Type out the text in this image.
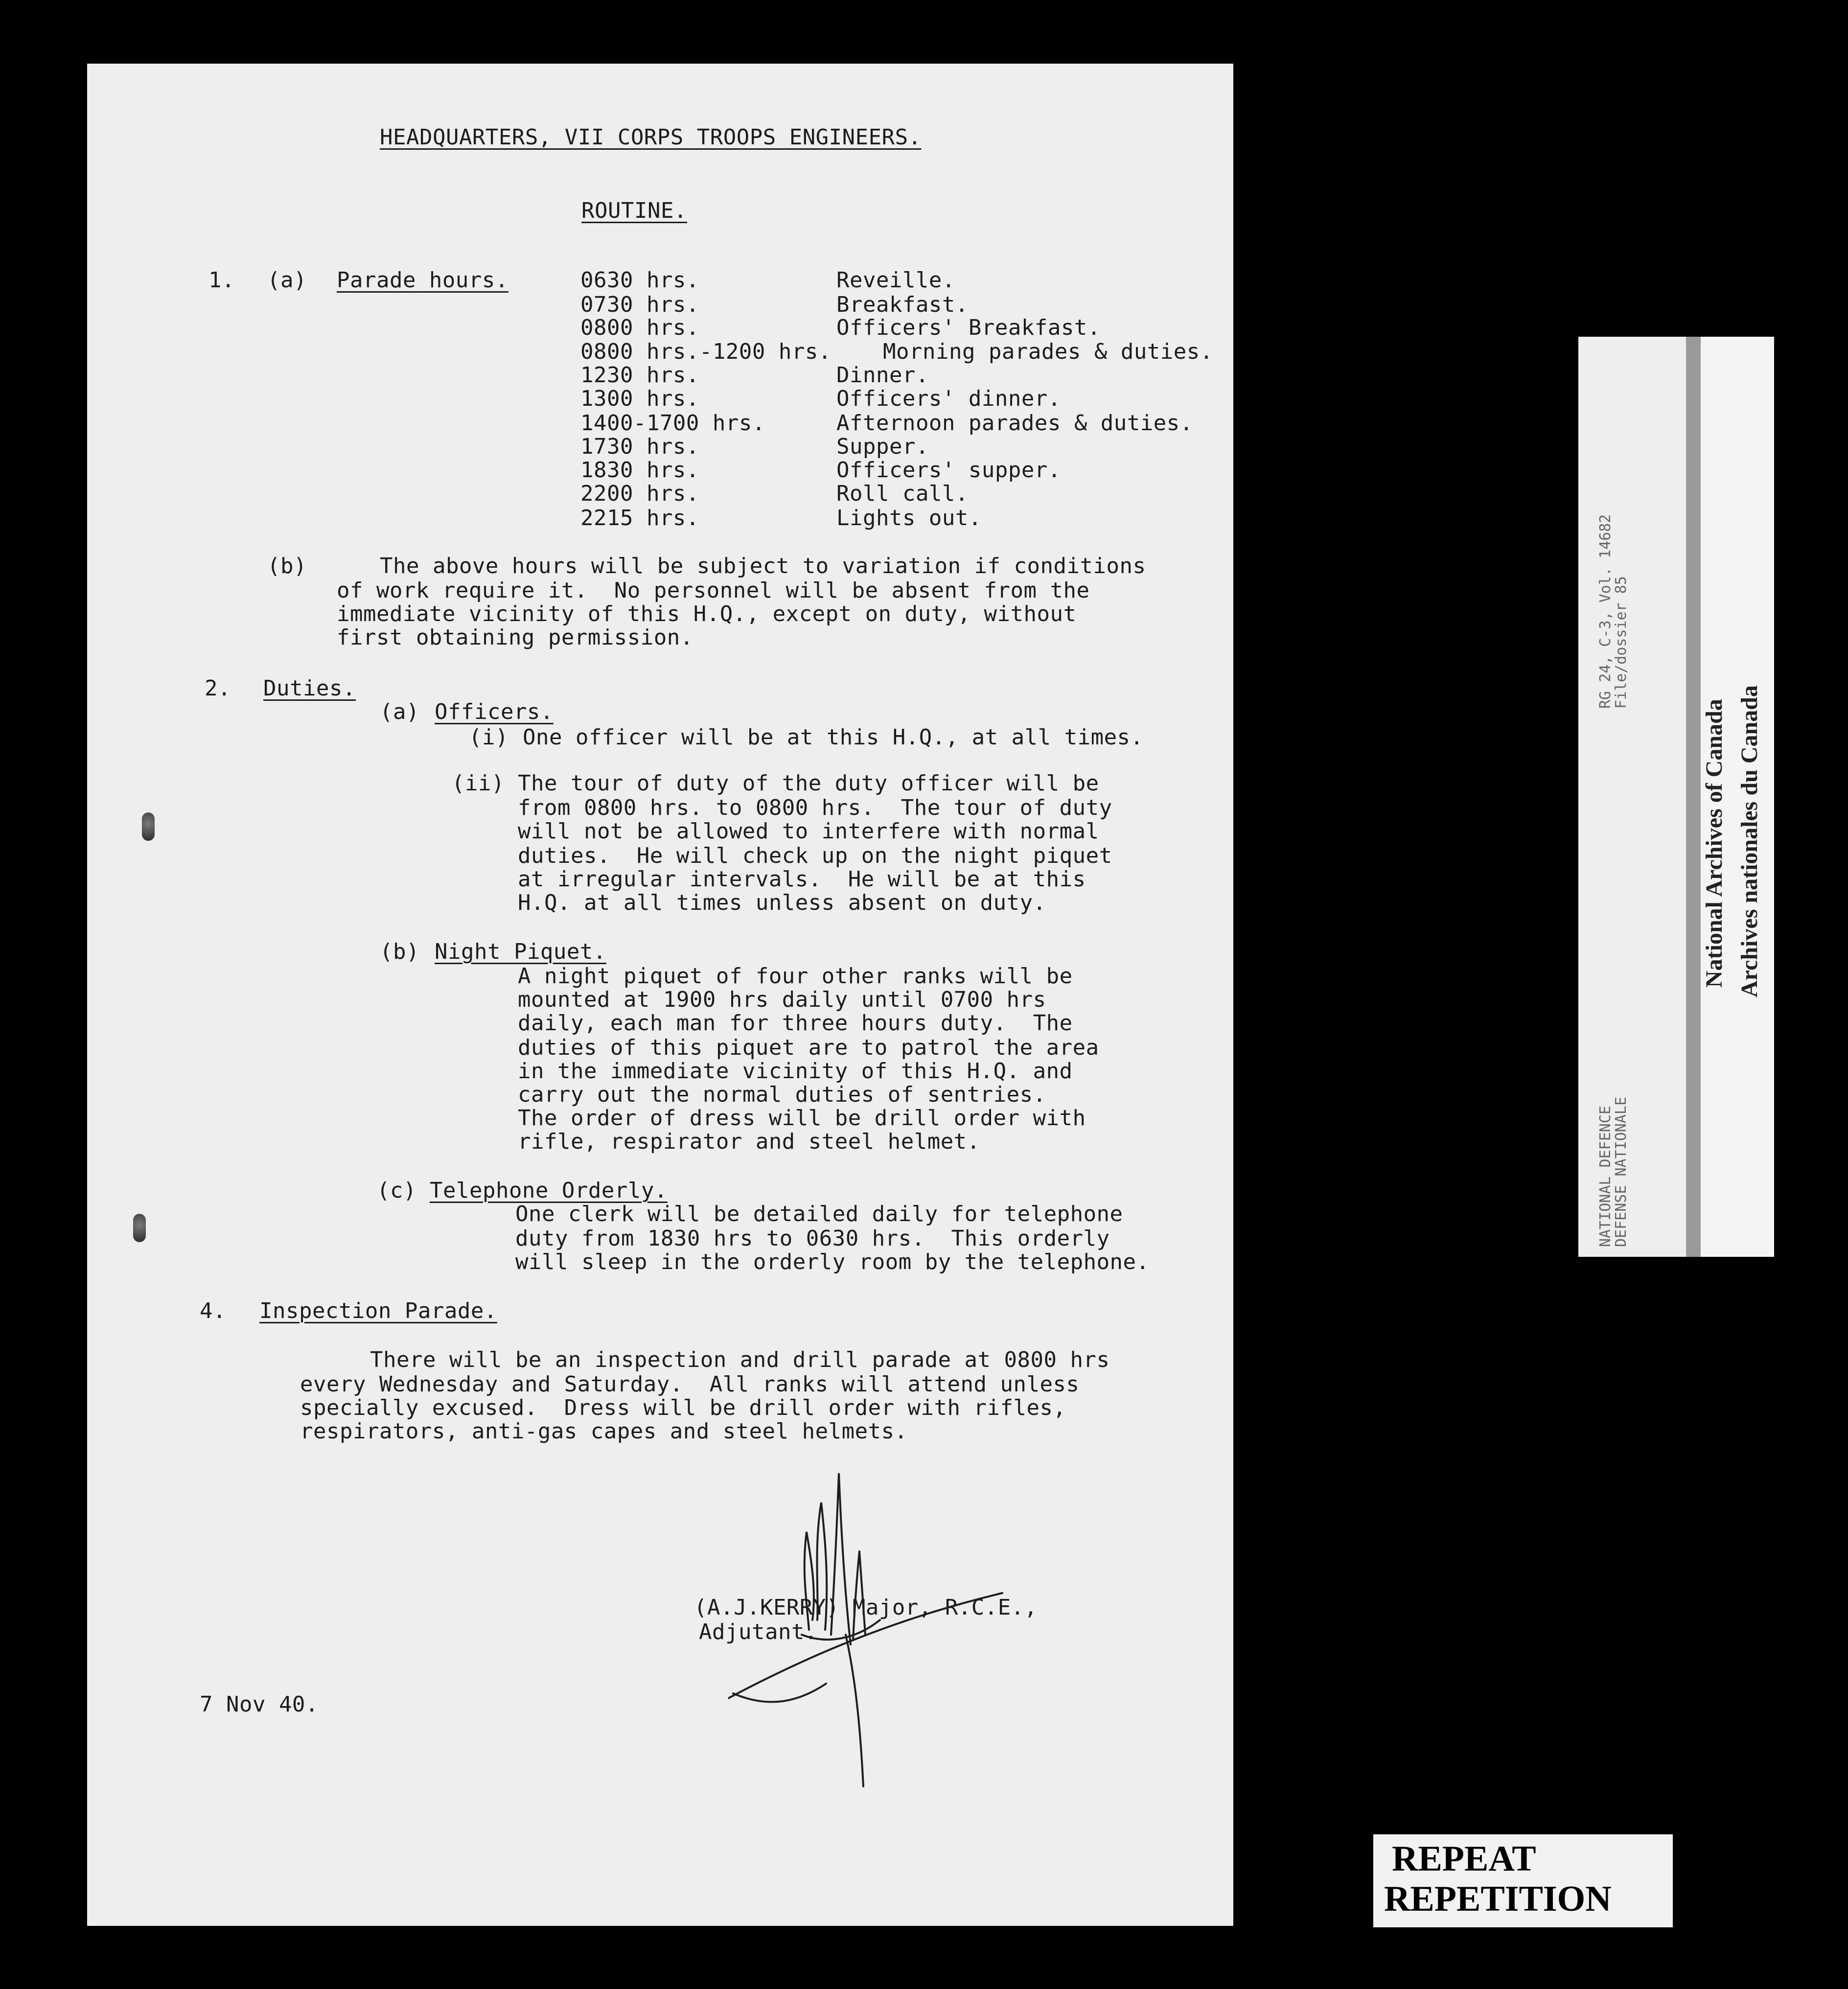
HEADQUARTERS, VII CORPS TROOPS ENGINEERS.
ROUTINE.
1. (a) Parade hours.	0630 hrs.	Reveille.
0730 hrs.	Breakfast.
0800 hrs.	Officers' Breakfast.
0800 hrs.-1200 hrs. Morning parades & duties.
1230 hrs.	Dinner.
1300 hrs.	Officers' dinner.
1400-1700 hrs.	Afternoon parades & duties.
1730 hrs.	Supper.
1830 hrs.	Officers' supper.
2200 hrs.	Roll call.
2215 hrs.	Lights out.
(b)	The above hours will be subject to variation if conditions
of work require it.  No personnel will be absent from the
immediate vicinity of this H.Q., except on duty, without
first obtaining permission.
2. Duties.
(a) Officers.
(i) One officer will be at this H.Q., at all times.
(ii) The tour of duty of the duty officer will be
from 0800 hrs. to 0800 hrs.  The tour of duty
will not be allowed to interfere with normal
duties.  He will check up on the night piquet
at irregular intervals.  He will be at this
H.Q. at all times unless absent on duty.
(b) Night Piquet.
A night piquet of four other ranks will be
mounted at 1900 hrs daily until 0700 hrs
daily, each man for three hours duty.  The
duties of this piquet are to patrol the area
in the immediate vicinity of this H.Q. and
carry out the normal duties of sentries.
The order of dress will be drill order with
rifle, respirator and steel helmet.
(c) Telephone Orderly.
One clerk will be detailed daily for telephone
duty from 1830 hrs to 0630 hrs.  This orderly
will sleep in the orderly room by the telephone.
4. Inspection Parade.
There will be an inspection and drill parade at 0800 hrs
every Wednesday and Saturday.  All ranks will attend unless
specially excused.  Dress will be drill order with rifles,
respirators, anti-gas capes and steel helmets.
(A.J.KERRY) Major, R.C.E.,
Adjutant.
7 Nov 40.
RG 24, C-3, Vol. 14682
File/dossier 85
NATIONAL DEFENCE
DEFENSE NATIONALE
National Archives of Canada Archives nationales du Canada
REPEAT
REPETITION
